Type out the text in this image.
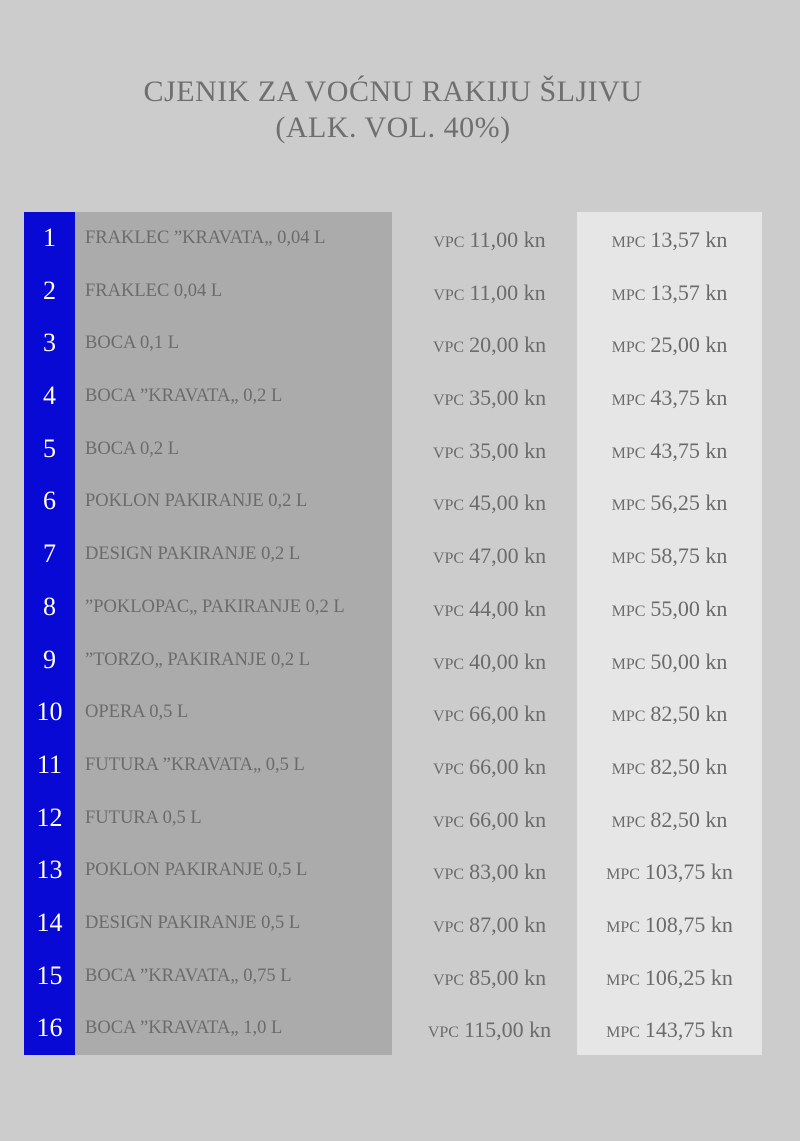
CJENIK ZA VOĆNU RAKIJU ŠLJIVU
(ALK. VOL. 40%)
1	FRAKLEC ”KRAVATA„ 0,04 L	VPC 11,00 kn	MPC 13,57 kn
2	FRAKLEC 0,04 L	VPC 11,00 kn	MPC 13,57 kn
3	BOCA 0,1 L	VPC 20,00 kn	MPC 25,00 kn
4	BOCA ”KRAVATA„ 0,2 L	VPC 35,00 kn	MPC 43,75 kn
5	BOCA 0,2 L	VPC 35,00 kn	MPC 43,75 kn
6	POKLON PAKIRANJE 0,2 L	VPC 45,00 kn	MPC 56,25 kn
7	DESIGN PAKIRANJE 0,2 L	VPC 47,00 kn	MPC 58,75 kn
8	”POKLOPAC„ PAKIRANJE 0,2 L	VPC 44,00 kn	MPC 55,00 kn
9	”TORZO„ PAKIRANJE 0,2 L	VPC 40,00 kn	MPC 50,00 kn
10	OPERA 0,5 L	VPC 66,00 kn	MPC 82,50 kn
11	FUTURA ”KRAVATA„ 0,5 L	VPC 66,00 kn	MPC 82,50 kn
12	FUTURA 0,5 L	VPC 66,00 kn	MPC 82,50 kn
13	POKLON PAKIRANJE 0,5 L	VPC 83,00 kn	MPC 103,75 kn
14	DESIGN PAKIRANJE 0,5 L	VPC 87,00 kn	MPC 108,75 kn
15	BOCA ”KRAVATA„ 0,75 L	VPC 85,00 kn	MPC 106,25 kn
16	BOCA ”KRAVATA„ 1,0 L	VPC 115,00 kn	MPC 143,75 kn
